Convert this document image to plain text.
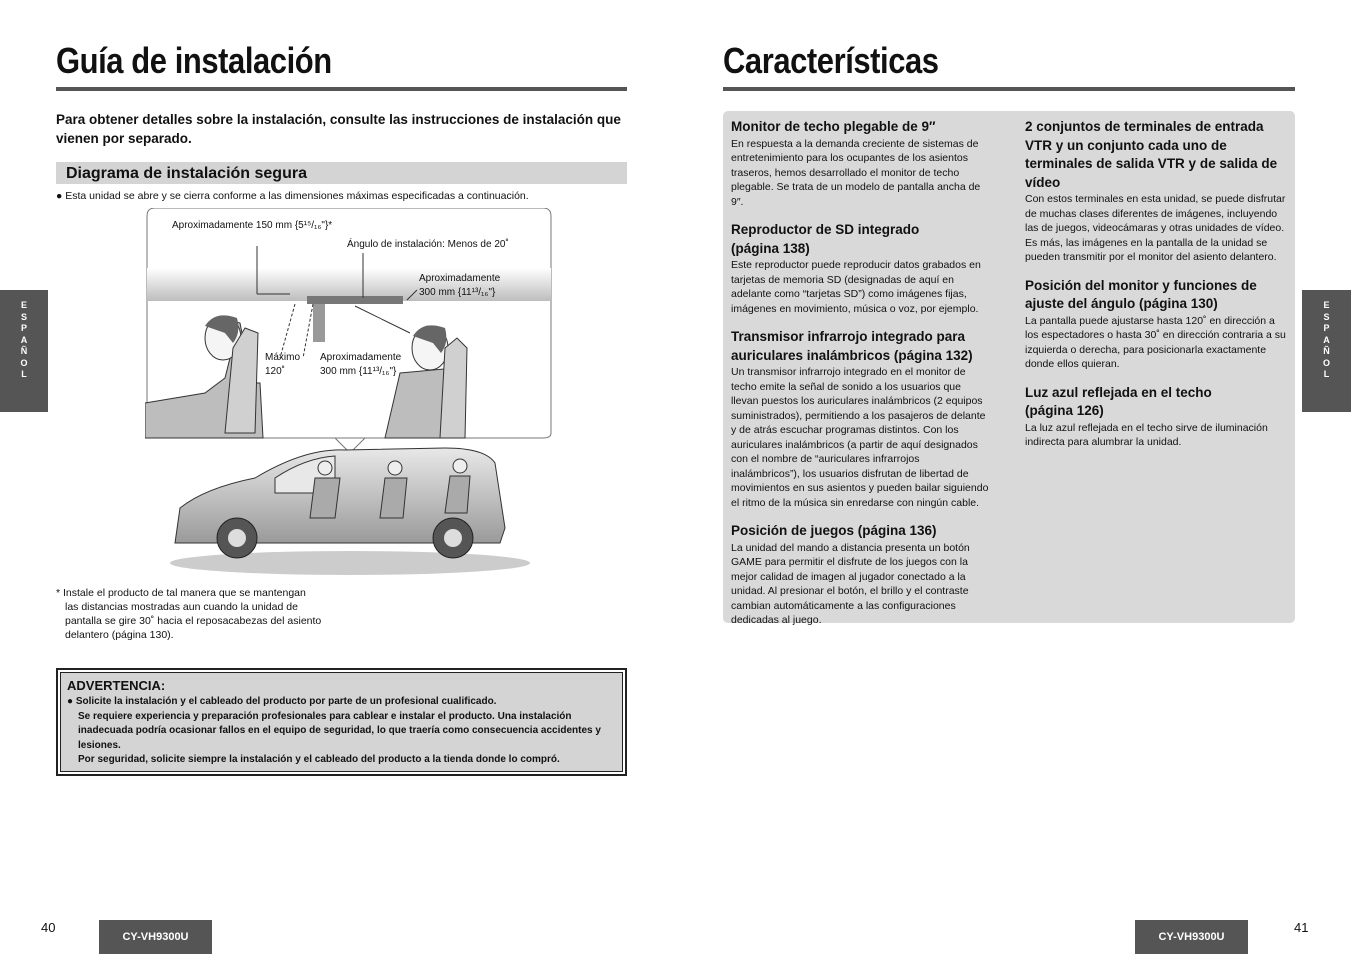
Guía de instalación
Para obtener detalles sobre la instalación, consulte las instrucciones de instalación que vienen por separado.
Diagrama de instalación segura
● Esta unidad se abre y se cierra conforme a las dimensiones máximas especificadas a continuación.
Aproximadamente 150 mm {5¹⁵/₁₆"}*
Ángulo de instalación: Menos de 20˚
Aproximadamente
300 mm {11¹³/₁₆"}
Máximo
120˚
Aproximadamente
300 mm {11¹³/₁₆"}
* Instale el producto de tal manera que se mantengan
las distancias mostradas aun cuando la unidad de
pantalla se gire 30˚ hacia el reposacabezas del asiento
delantero (página 130).
ADVERTENCIA:
● Solicite la instalación y el cableado del producto por parte de un profesional cualificado.
Se requiere experiencia y preparación profesionales para cablear e instalar el producto. Una instalación
inadecuada podría ocasionar fallos en el equipo de seguridad, lo que traería como consecuencia accidentes y
lesiones.
Por seguridad, solicite siempre la instalación y el cableado del producto a la tienda donde lo compró.
E
S
P
A
Ñ
O
L
40
CY-VH9300U
Características
Monitor de techo plegable de 9″
En respuesta a la demanda creciente de sistemas de entretenimiento para los ocupantes de los asientos traseros, hemos desarrollado el monitor de techo plegable. Se trata de un modelo de pantalla ancha de 9″.
Reproductor de SD integrado (página 138)
Este reproductor puede reproducir datos grabados en tarjetas de memoria SD (designadas de aquí en adelante como “tarjetas SD”) como imágenes fijas, imágenes en movimiento, música o voz, por ejemplo.
Transmisor infrarrojo integrado para auriculares inalámbricos (página 132)
Un transmisor infrarrojo integrado en el monitor de techo emite la señal de sonido a los usuarios que llevan puestos los auriculares inalámbricos (2 equipos suministrados), permitiendo a los pasajeros de delante y de atrás escuchar programas distintos. Con los auriculares inalámbricos (a partir de aquí designados con el nombre de “auriculares infrarrojos inalámbricos”), los usuarios disfrutan de libertad de movimientos en sus asientos y pueden bailar siguiendo el ritmo de la música sin enredarse con ningún cable.
Posición de juegos (página 136)
La unidad del mando a distancia presenta un botón GAME para permitir el disfrute de los juegos con la mejor calidad de imagen al jugador conectado a la unidad. Al presionar el botón, el brillo y el contraste cambian automáticamente a las configuraciones dedicadas al juego.
2 conjuntos de terminales de entrada VTR y un conjunto cada uno de terminales de salida VTR y de salida de vídeo
Con estos terminales en esta unidad, se puede disfrutar de muchas clases diferentes de imágenes, incluyendo las de juegos, videocámaras y otras unidades de vídeo. Es más, las imágenes en la pantalla de la unidad se pueden transmitir por el monitor del asiento delantero.
Posición del monitor y funciones de ajuste del ángulo (página 130)
La pantalla puede ajustarse hasta 120˚ en dirección a los espectadores o hasta 30˚ en dirección contraria a su izquierda o derecha, para posicionarla exactamente donde ellos quieran.
Luz azul reflejada en el techo (página 126)
La luz azul reflejada en el techo sirve de iluminación indirecta para alumbrar la unidad.
E
S
P
A
Ñ
O
L
CY-VH9300U
41
